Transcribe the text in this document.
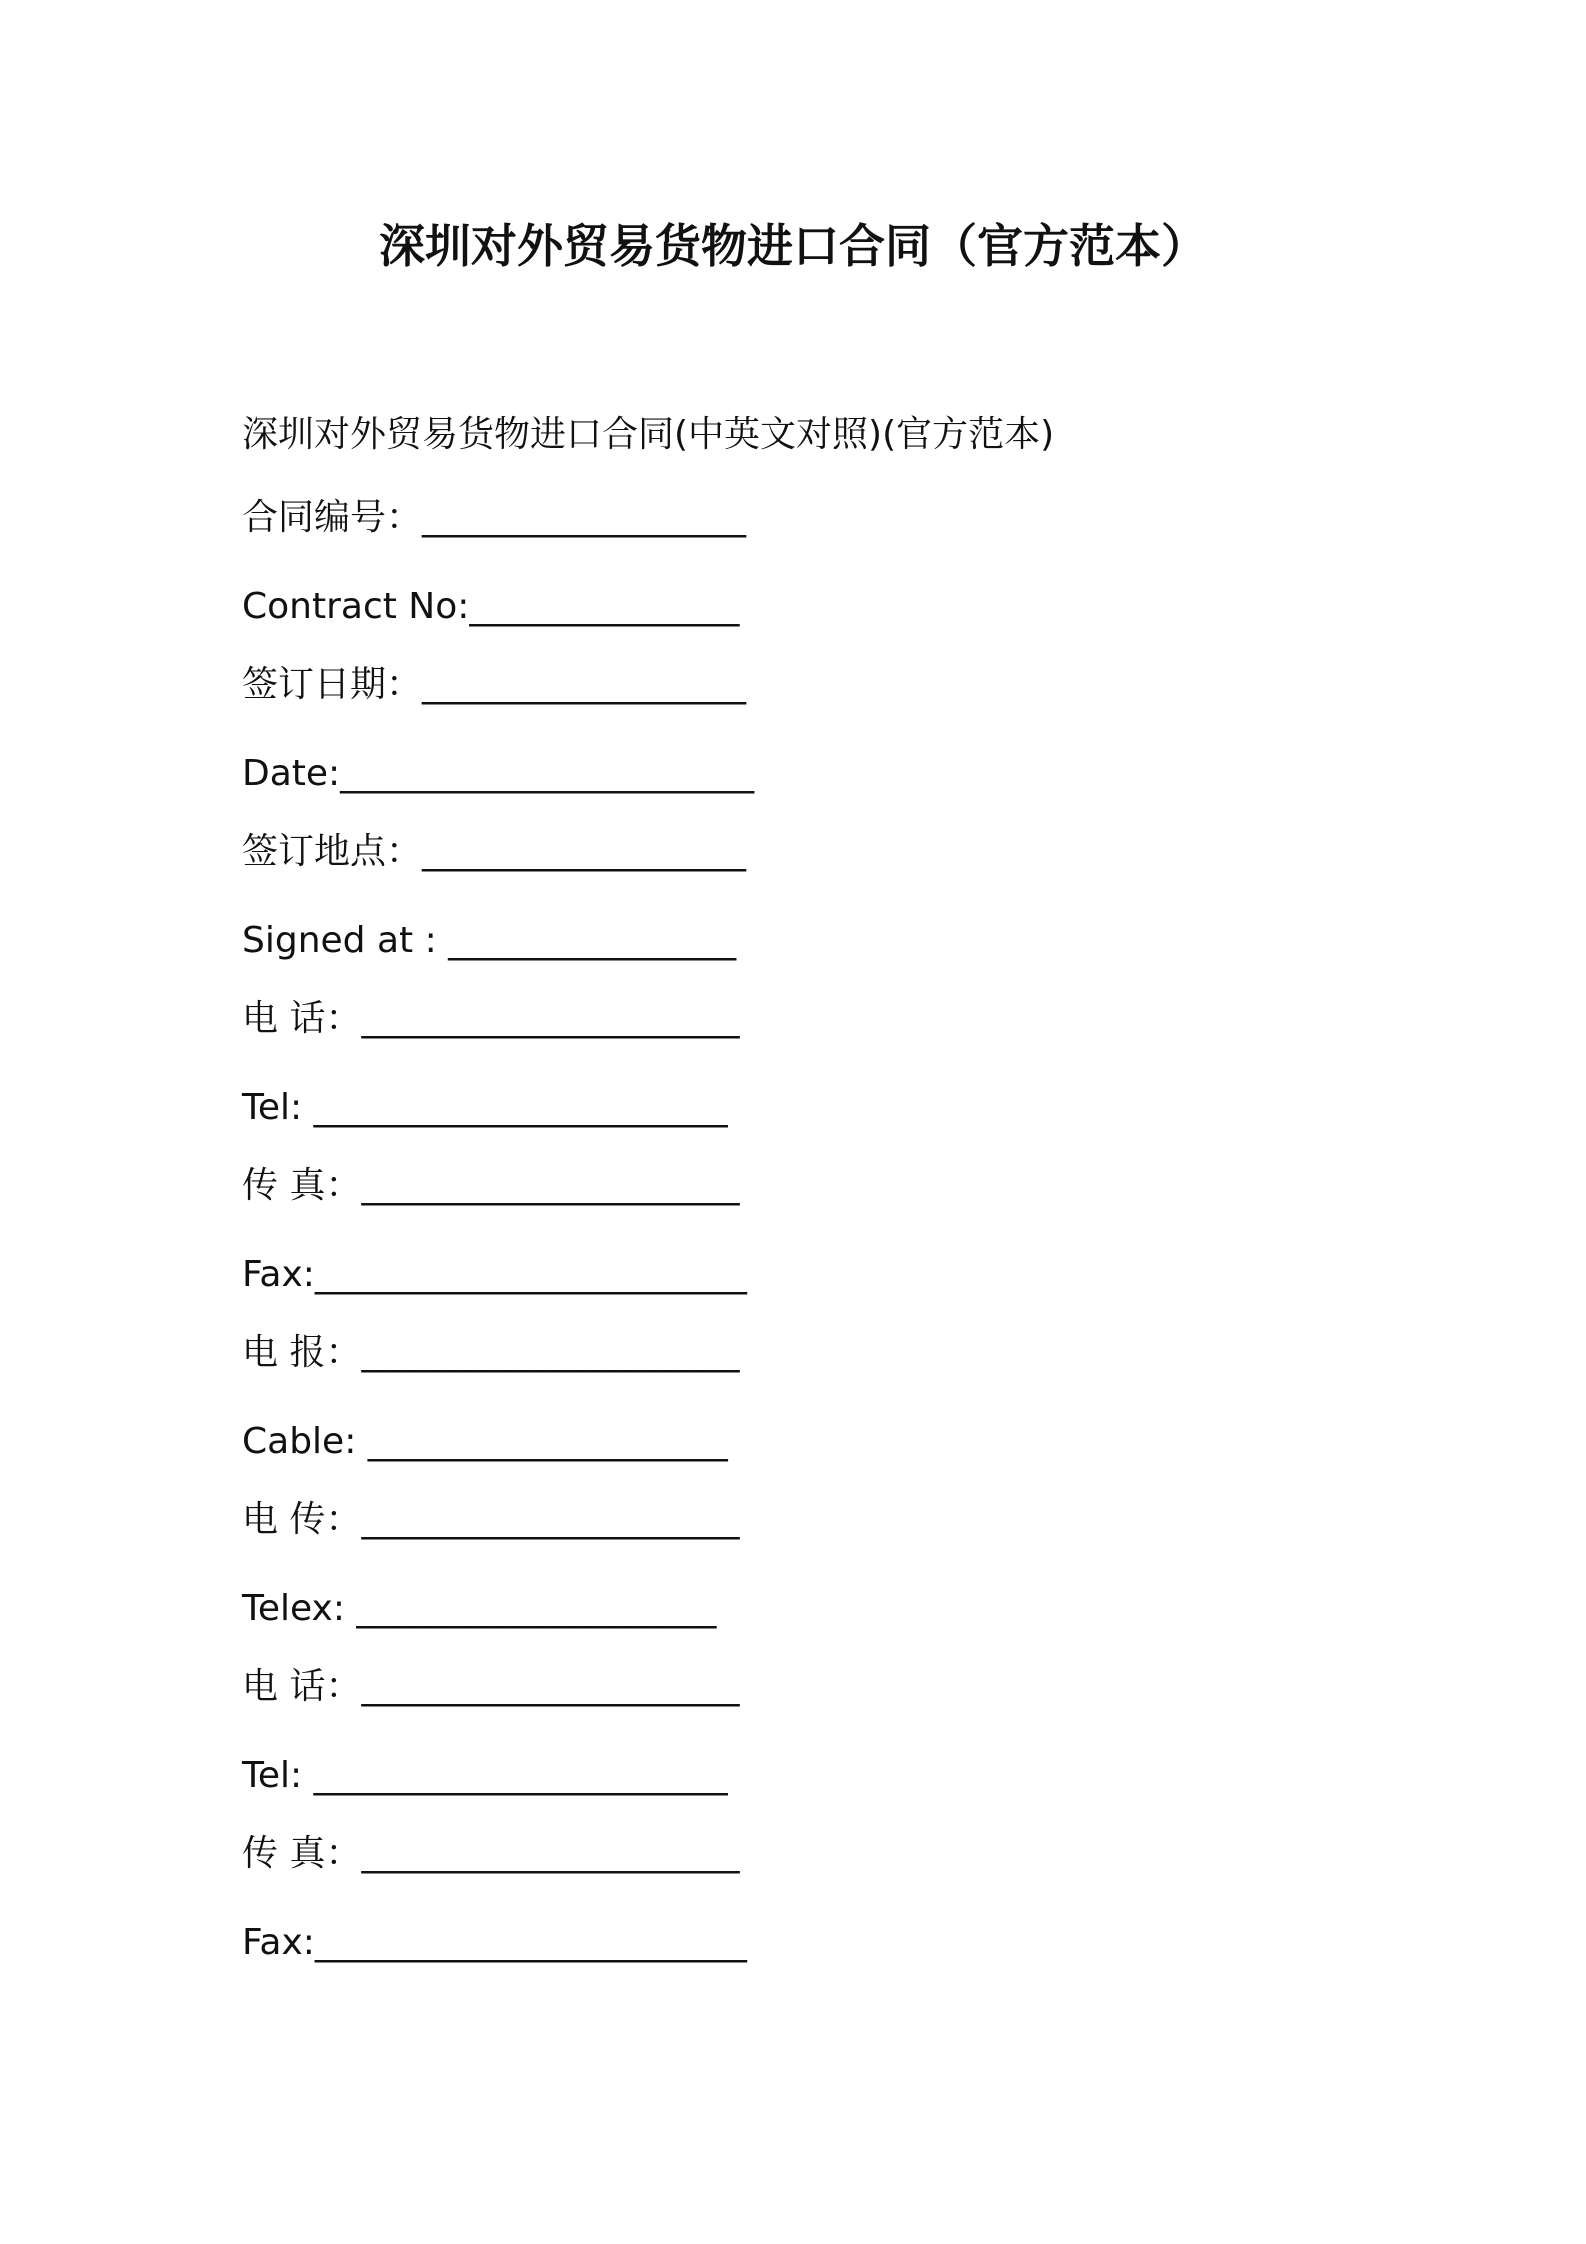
深圳对外贸易货物进口合同（官方范本）
深圳对外贸易货物进口合同(中英文对照)(官方范本)
合同编号：__________________
Contract No:_______________
签订日期：__________________
Date:_______________________
签订地点：__________________
Signed at : ________________
电 话：_____________________
Tel: _______________________
传 真：_____________________
Fax:________________________
电 报：_____________________
Cable: ____________________
电 传：_____________________
Telex: ____________________
电 话：_____________________
Tel: _______________________
传 真：_____________________
Fax:________________________
